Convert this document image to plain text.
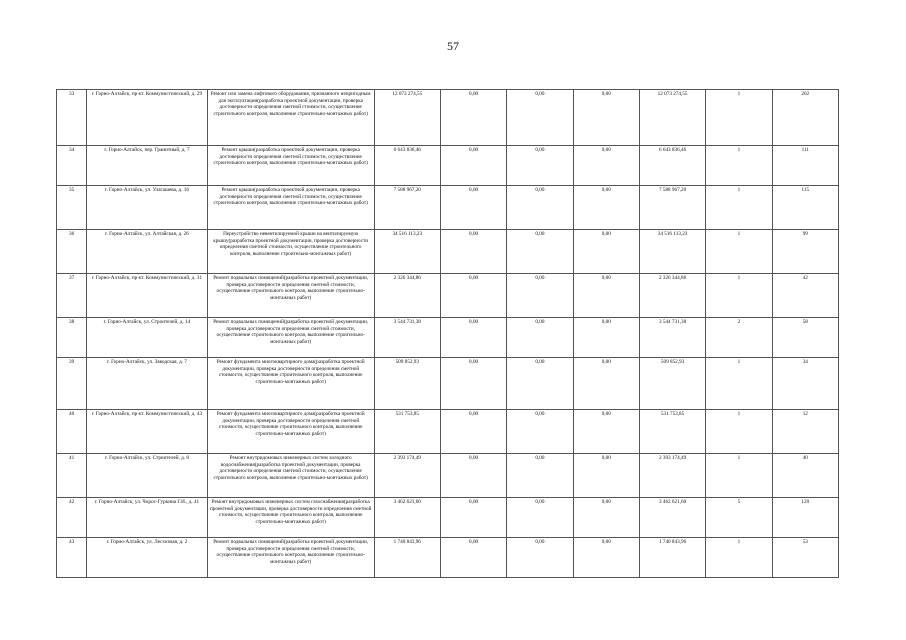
57
33	г. Горно-Алтайск, пр-кт. Коммунистический, д. 29	Ремонт или замена лифтового оборудования, признанного непригодным для эксплуатации(разработка проектной документации, проверка достоверности определения сметной стоимости, осуществление строительного контроля, выполнение строительно-монтажных работ)	12 073 274,55	0,00	0,00	0,00	12 073 274,55	1	202
34	г. Горно-Алтайск, пер. Гранитный, д. 7	Ремонт крыши(разработка проектной документации, проверка достоверности определения сметной стоимости, осуществление строительного контроля, выполнение строительно-монтажных работ)	6 643 836,46	0,00	0,00	0,00	6 643 836,46	1	111
35	г. Горно-Алтайск, ул. Улагашева, д. 16	Ремонт крыши(разработка проектной документации, проверка достоверности определения сметной стоимости, осуществление строительного контроля, выполнение строительно-монтажных работ)	7 588 967,20	0,00	0,00	0,00	7 588 967,20	1	115
36	г. Горно-Алтайск, ул. Алтайская, д. 26	Переустройство невентилируемой крыши на вентилируемую крышу(разработка проектной документации, проверка достоверности определения сметной стоимости, осуществление строительного контроля, выполнение строительно-монтажных работ)	34 516 113,23	0,00	0,00	0,00	34 516 113,23	1	99
37	г. Горно-Алтайск, пр-кт. Коммунистический, д. 31	Ремонт подвальных помещений(разработка проектной документации, проверка достоверности определения сметной стоимости, осуществление строительного контроля, выполнение строительно-монтажных работ)	2 326 344,86	0,00	0,00	0,00	2 326 344,86	1	42
38	г. Горно-Алтайск, ул. Строителей, д. 14	Ремонт подвальных помещений(разработка проектной документации, проверка достоверности определения сметной стоимости, осуществление строительного контроля, выполнение строительно-монтажных работ)	3 544 731,38	0,00	0,00	0,00	3 544 731,38	2	58
39	г. Горно-Алтайск, ул. Заводская, д. 7	Ремонт фундамента многоквартирного дома(разработка проектной документации, проверка достоверности определения сметной стоимости, осуществление строительного контроля, выполнение строительно-монтажных работ)	509 852,93	0,00	0,00	0,00	509 852,93	1	34
40	г. Горно-Алтайск, пр-кт. Коммунистический, д. 43	Ремонт фундамента многоквартирного дома(разработка проектной документации, проверка достоверности определения сметной стоимости, осуществление строительного контроля, выполнение строительно-монтажных работ)	531 753,85	0,00	0,00	0,00	531 753,85	1	12
41	г. Горно-Алтайск, ул. Строителей, д. 8	Ремонт внутридомовых инженерных систем холодного водоснабжения(разработка проектной документации, проверка достоверности определения сметной стоимости, осуществление строительного контроля, выполнение строительно-монтажных работ)	2 393 174,49	0,00	0,00	0,00	2 393 174,49	1	40
42	г. Горно-Алтайск, ул. Чорос-Гуркина Г.И., д. 41	Ремонт внутридомовых инженерных систем газоснабжения(разработка проектной документации, проверка достоверности определения сметной стоимости, осуществление строительного контроля, выполнение строительно-монтажных работ)	3 462 621,60	0,00	0,00	0,00	3 462 621,60	5	120
43	г. Горно-Алтайск, ул. Лесхозная, д. 2	Ремонт подвальных помещений(разработка проектной документации, проверка достоверности определения сметной стоимости, осуществление строительного контроля, выполнение строительно-монтажных работ)	1 740 843,96	0,00	0,00	0,00	1 740 843,96	1	53
